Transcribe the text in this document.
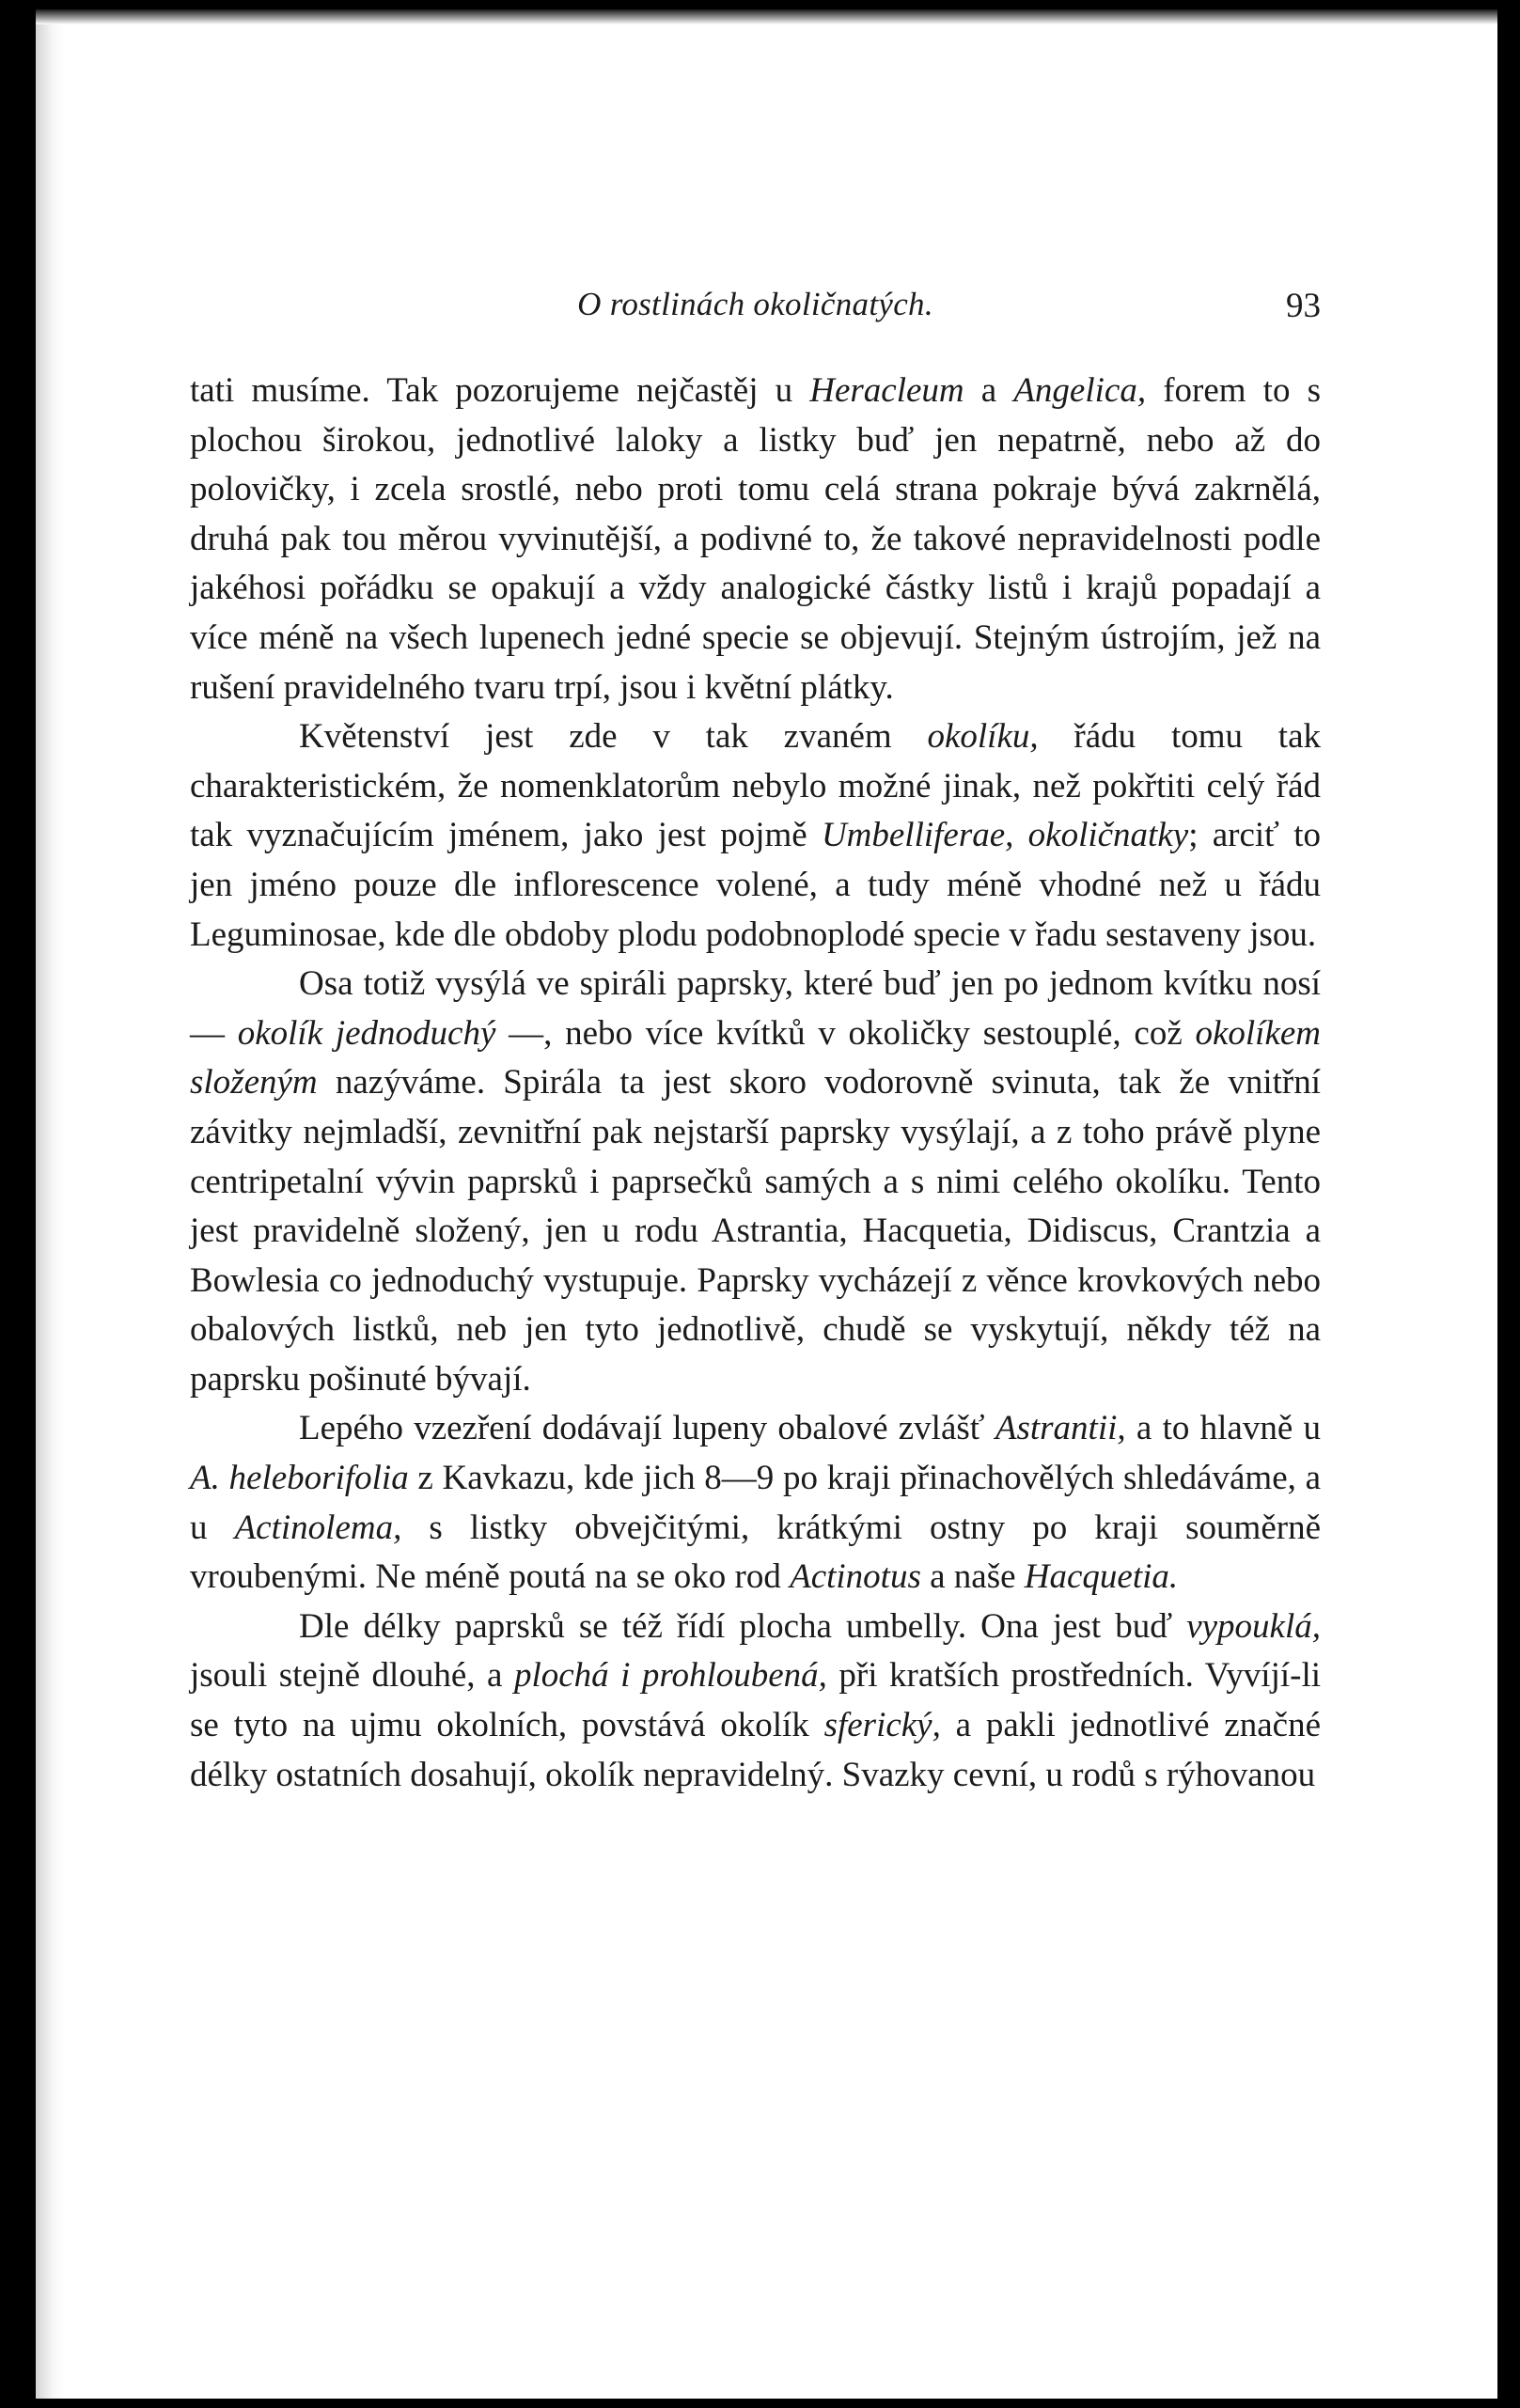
O rostlinách okoličnatých.	93

tati musíme. Tak pozorujeme nejčastěj u Heracleum a Angelica, forem to s plochou širokou, jednotlivé laloky a listky buď jen nepatrně, nebo až do polovičky, i zcela srostlé, nebo proti tomu celá strana pokraje bývá zakrnělá, druhá pak tou měrou vyvinutější, a podivné to, že takové nepravidelnosti podle jakéhosi pořádku se opakují a vždy analogické částky listů i krajů popadají a více méně na všech lupenech jedné specie se objevují. Stejným ústrojím, jež na rušení pravidelného tvaru trpí, jsou i květní plátky.

Květenství jest zde v tak zvaném okolíku, řádu tomu tak charakteristickém, že nomenklatorům nebylo možné jinak, než pokřtiti celý řád tak vyznačujícím jménem, jako jest pojmě Umbelliferae, okoličnatky; arciť to jen jméno pouze dle inflorescence volené, a tudy méně vhodné než u řádu Leguminosae, kde dle obdoby plodu podobnoplodé specie v řadu sestaveny jsou.

Osa totiž vysýlá ve spiráli paprsky, které buď jen po jednom kvítku nosí — okolík jednoduchý —, nebo více kvítků v okoličky sestouplé, což okolíkem složeným nazýváme. Spirála ta jest skoro vodorovně svinuta, tak že vnitřní závitky nejmladší, zevnitřní pak nejstarší paprsky vysýlají, a z toho právě plyne centripetalní vývin paprsků i paprsečků samých a s nimi celého okolíku. Tento jest pravidelně složený, jen u rodu Astrantia, Hacquetia, Didiscus, Crantzia a Bowlesia co jednoduchý vystupuje. Paprsky vycházejí z věnce krovkových nebo obalových listků, neb jen tyto jednotlivě, chudě se vyskytují, někdy též na paprsku pošinuté bývají.

Lepého vzezření dodávají lupeny obalové zvlášť Astrantii, a to hlavně u A. heleborifolia z Kavkazu, kde jich 8—9 po kraji přinachovělých shledáváme, a u Actinolema, s listky obvejčitými, krátkými ostny po kraji souměrně vroubenými. Ne méně poutá na se oko rod Actinotus a naše Hacquetia.

Dle délky paprsků se též řídí plocha umbelly. Ona jest buď vypouklá, jsouli stejně dlouhé, a plochá i prohloubená, při kratších prostředních. Vyvíjí-li se tyto na ujmu okolních, povstává okolík sferický, a pakli jednotlivé značné délky ostatních dosahují, okolík nepravidelný. Svazky cevní, u rodů s rýhovanou
